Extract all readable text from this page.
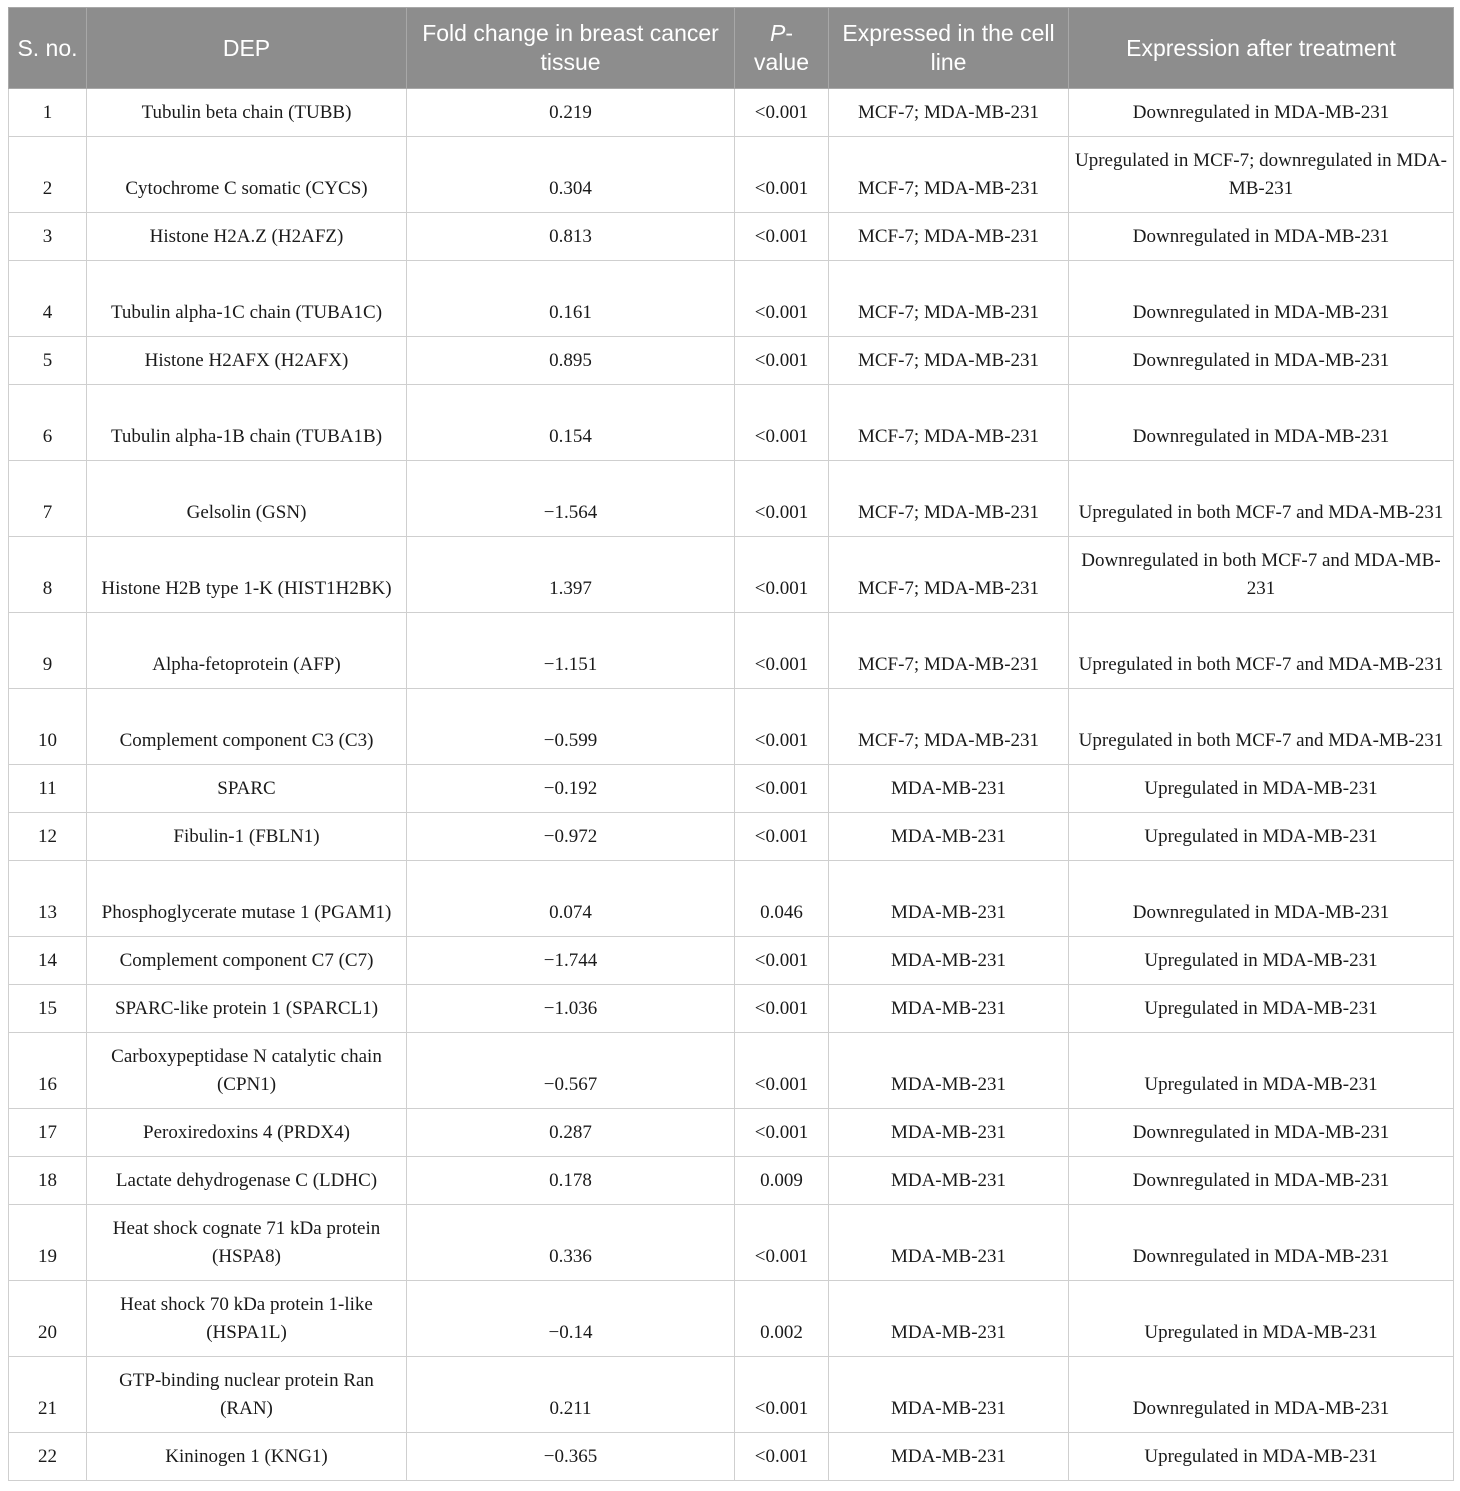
S. no.	DEP	Fold change in breast cancer tissue	P-value	Expressed in the cell line	Expression after treatment
1	Tubulin beta chain (TUBB)	0.219	<0.001	MCF-7; MDA-MB-231	Downregulated in MDA-MB-231
2	Cytochrome C somatic (CYCS)	0.304	<0.001	MCF-7; MDA-MB-231	Upregulated in MCF-7; downregulated in MDA-MB-231
3	Histone H2A.Z (H2AFZ)	0.813	<0.001	MCF-7; MDA-MB-231	Downregulated in MDA-MB-231
4	Tubulin alpha-1C chain (TUBA1C)	0.161	<0.001	MCF-7; MDA-MB-231	Downregulated in MDA-MB-231
5	Histone H2AFX (H2AFX)	0.895	<0.001	MCF-7; MDA-MB-231	Downregulated in MDA-MB-231
6	Tubulin alpha-1B chain (TUBA1B)	0.154	<0.001	MCF-7; MDA-MB-231	Downregulated in MDA-MB-231
7	Gelsolin (GSN)	−1.564	<0.001	MCF-7; MDA-MB-231	Upregulated in both MCF-7 and MDA-MB-231
8	Histone H2B type 1-K (HIST1H2BK)	1.397	<0.001	MCF-7; MDA-MB-231	Downregulated in both MCF-7 and MDA-MB-231
9	Alpha-fetoprotein (AFP)	−1.151	<0.001	MCF-7; MDA-MB-231	Upregulated in both MCF-7 and MDA-MB-231
10	Complement component C3 (C3)	−0.599	<0.001	MCF-7; MDA-MB-231	Upregulated in both MCF-7 and MDA-MB-231
11	SPARC	−0.192	<0.001	MDA-MB-231	Upregulated in MDA-MB-231
12	Fibulin-1 (FBLN1)	−0.972	<0.001	MDA-MB-231	Upregulated in MDA-MB-231
13	Phosphoglycerate mutase 1 (PGAM1)	0.074	0.046	MDA-MB-231	Downregulated in MDA-MB-231
14	Complement component C7 (C7)	−1.744	<0.001	MDA-MB-231	Upregulated in MDA-MB-231
15	SPARC-like protein 1 (SPARCL1)	−1.036	<0.001	MDA-MB-231	Upregulated in MDA-MB-231
16	Carboxypeptidase N catalytic chain (CPN1)	−0.567	<0.001	MDA-MB-231	Upregulated in MDA-MB-231
17	Peroxiredoxins 4 (PRDX4)	0.287	<0.001	MDA-MB-231	Downregulated in MDA-MB-231
18	Lactate dehydrogenase C (LDHC)	0.178	0.009	MDA-MB-231	Downregulated in MDA-MB-231
19	Heat shock cognate 71 kDa protein (HSPA8)	0.336	<0.001	MDA-MB-231	Downregulated in MDA-MB-231
20	Heat shock 70 kDa protein 1-like (HSPA1L)	−0.14	0.002	MDA-MB-231	Upregulated in MDA-MB-231
21	GTP-binding nuclear protein Ran (RAN)	0.211	<0.001	MDA-MB-231	Downregulated in MDA-MB-231
22	Kininogen 1 (KNG1)	−0.365	<0.001	MDA-MB-231	Upregulated in MDA-MB-231
